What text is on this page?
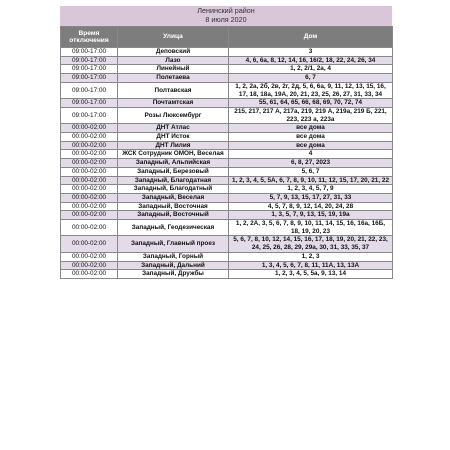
Ленинский район
8 июля 2020
Время отключения	Улица	Дом
09:00-17:00	Деповский	3
09:00-17:00	Лазо	4, 6, 6а, 8, 12, 14, 16, 16/2, 18, 22, 24, 26, 34
09:00-17:00	Линейный	1, 2, 2/1, 2а, 4
09:00-17:00	Полетаева	6, 7
09:00-17:00	Полтавская	1, 2, 2а, 2б, 2в, 2г, 2д, 5, 6, 6а, 9, 11, 12, 13, 15, 16, 17, 18, 18а, 19А, 20, 21, 23, 25, 26, 27, 31, 33, 34
09:00-17:00	Почтамтская	55, 61, 64, 65, 66, 68, 69, 70, 72, 74
09:00-17:00	Розы Люксембург	215, 217, 217 А, 217а, 219, 219 А, 219а, 219 Б, 221, 223, 223 а, 223а
00:00-02:00	ДНТ Атлас	все дома
00:00-02:00	ДНТ Исток	все дома
00:00-02:00	ДНТ Лилия	все дома
00:00-02:00	ЖСК Сотрудник ОМОН, Веселая	4
00:00-02:00	Западный, Альпийская	6, 8, 27, 2023
00:00-02:00	Западный, Березовый	5, 6, 7
00:00-02:00	Западный, Благодатная	1, 2, 3, 4, 5, 5А, 6, 7, 8, 9, 10, 11, 12, 15, 17, 20, 21, 22
00:00-02:00	Западный, Благодатный	1, 2, 3, 4, 5, 7, 9
00:00-02:00	Западный, Веселая	5, 7, 9, 13, 15, 17, 27, 31, 33
00:00-02:00	Западный, Восточная	4, 5, 7, 8, 9, 12, 14, 20, 24, 28
00:00-02:00	Западный, Восточный	1, 3, 5, 7, 9, 13, 15, 19, 19а
00:00-02:00	Западный, Геодезическая	1, 2, 2А, 3, 5, 6, 7, 8, 9, 10, 11, 14, 15, 16, 16а, 16Б, 18, 19, 20, 23
00:00-02:00	Западный, Главный проез	5, 6, 7, 8, 10, 12, 14, 15, 16, 17, 18, 19, 20, 21, 22, 23, 24, 25, 26, 28, 29, 29а, 30, 31, 33, 35, 37
00:00-02:00	Западный, Горный	1, 2, 3
00:00-02:00	Западный, Дальний	1, 3, 4, 5, 6, 7, 8, 11, 11А, 13, 13А
00:00-02:00	Западный, Дружбы	1, 2, 3, 4, 5, 5а, 9, 13, 14
